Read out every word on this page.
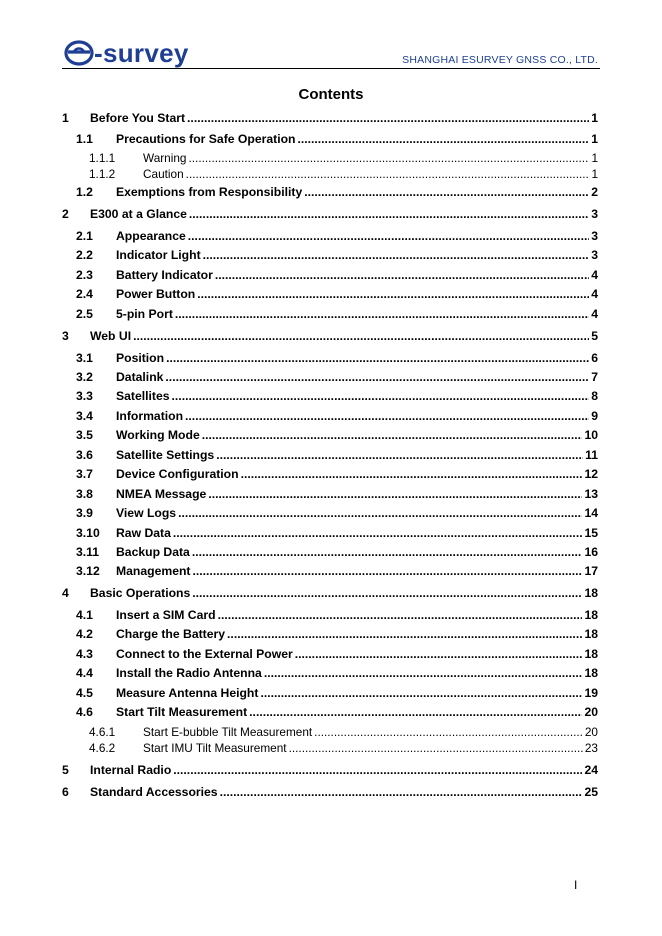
-survey	SHANGHAI ESURVEY GNSS CO., LTD.
Contents
1	Before You Start .....	1
1.1	Precautions for Safe Operation .....	1
1.1.1	Warning .....	1
1.1.2	Caution .....	1
1.2	Exemptions from Responsibility .....	2
2	E300 at a Glance .....	3
2.1	Appearance .....	3
2.2	Indicator Light .....	3
2.3	Battery Indicator .....	4
2.4	Power Button .....	4
2.5	5-pin Port .....	4
3	Web UI .....	5
3.1	Position .....	6
3.2	Datalink .....	7
3.3	Satellites .....	8
3.4	Information .....	9
3.5	Working Mode .....	10
3.6	Satellite Settings .....	11
3.7	Device Configuration .....	12
3.8	NMEA Message .....	13
3.9	View Logs .....	14
3.10	Raw Data .....	15
3.11	Backup Data .....	16
3.12	Management .....	17
4	Basic Operations .....	18
4.1	Insert a SIM Card .....	18
4.2	Charge the Battery .....	18
4.3	Connect to the External Power .....	18
4.4	Install the Radio Antenna .....	18
4.5	Measure Antenna Height .....	19
4.6	Start Tilt Measurement .....	20
4.6.1	Start E-bubble Tilt Measurement .....	20
4.6.2	Start IMU Tilt Measurement .....	23
5	Internal Radio .....	24
6	Standard Accessories .....	25
I
